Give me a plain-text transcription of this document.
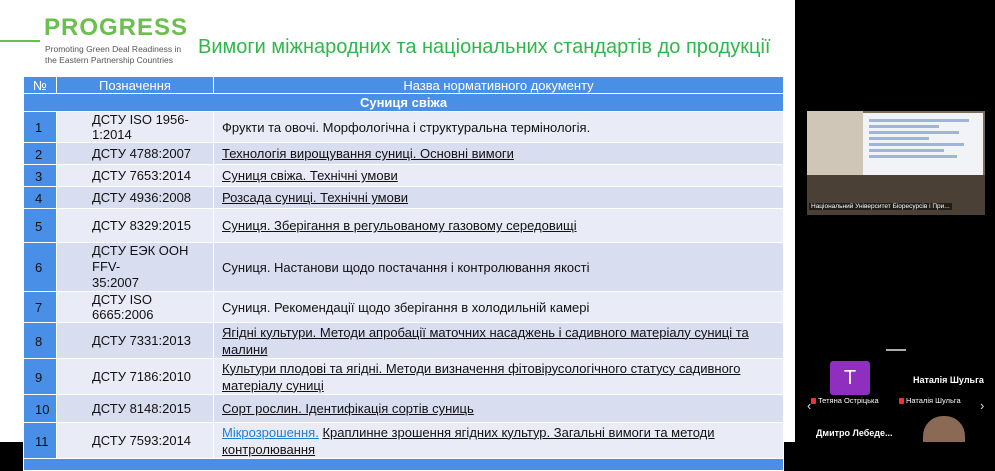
PROGRESS
Promoting Green Deal Readiness in
the Eastern Partnership Countries
Вимоги міжнародних та національних стандартів до продукції
№	Позначення	Назва нормативного документу
Суниця свіжа		
1	ДСТУ ISO 1956-1:2014	Фрукти та овочі. Морфологічна і структуральна термінологія.
2	ДСТУ 4788:2007	Технологія вирощування суниці. Основні вимоги
3	ДСТУ 7653:2014	Суниця свіжа. Технічні умови
4	ДСТУ 4936:2008	Розсада суниці. Технічні умови
5	ДСТУ 8329:2015	Суниця. Зберігання в регульованому газовому середовищі
6	ДСТУ ЕЭК ООН FFV-
35:2007	Суниця. Настанови щодо постачання і контролювання якості
7	ДСТУ ISO 6665:2006	Суниця. Рекомендації щодо зберігання в холодильній камері
8	ДСТУ 7331:2013	Ягідні культури. Методи апробації маточних насаджень і садивного матеріалу суниці та
малини

9	ДСТУ 7186:2010	Культури плодові та ягідні. Методи визначення фітовірусологічного статусу садивного
матеріалу суниці

10	ДСТУ 8148:2015	Сорт рослин. Ідентифікація сортів суниць
11	ДСТУ 7593:2014	Мікрозрошення. Краплинне зрошення ягідних культур. Загальні вимоги та методи
контролювання

Національний Університет Біоресурсів і При...
T	Наталія Шульга
‹	›
Тетяна Остріцька	Наталія Шульга
Дмитро Лебеде...
